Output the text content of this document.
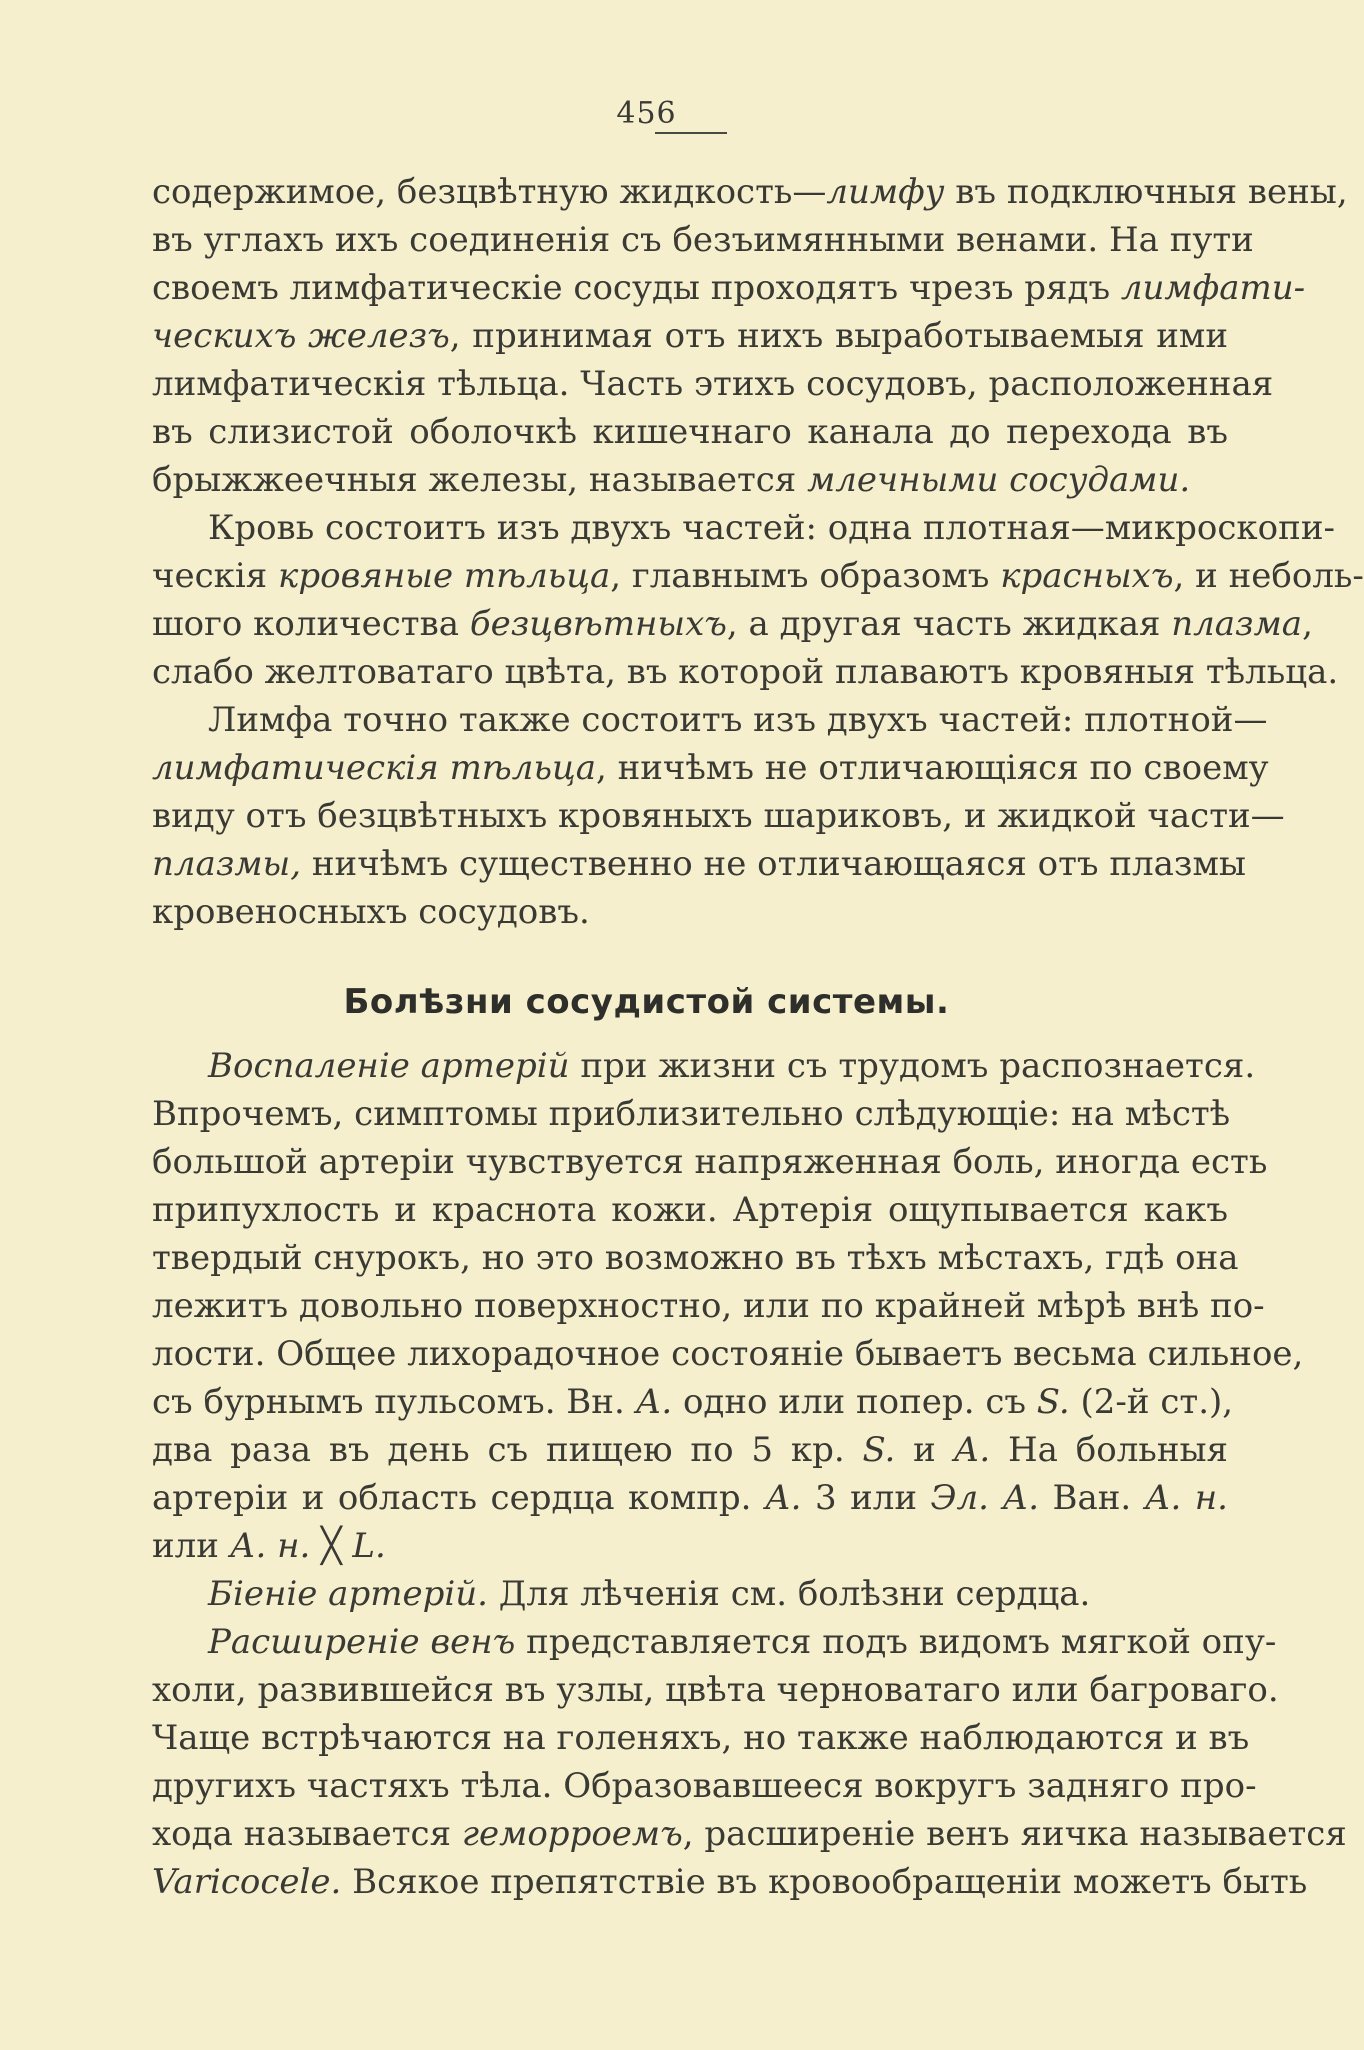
456
содержимое, безцвѣтную жидкость—лимфу въ подключныя вены,
въ углахъ ихъ соединенія съ безъимянными венами. На пути
своемъ лимфатическіе сосуды проходятъ чрезъ рядъ лимфати-
ческихъ железъ, принимая отъ нихъ выработываемыя ими
лимфатическія тѣльца. Часть этихъ сосудовъ, расположенная
въ слизистой оболочкѣ кишечнаго канала до перехода въ
брыжжеечныя железы, называется млечными сосудами.
Кровь состоитъ изъ двухъ частей: одна плотная—микроскопи-
ческія кровяные тѣльца, главнымъ образомъ красныхъ, и неболь-
шого количества безцвѣтныхъ, а другая часть жидкая плазма,
слабо желтоватаго цвѣта, въ которой плаваютъ кровяныя тѣльца.
Лимфа точно также состоитъ изъ двухъ частей: плотной—
лимфатическія тѣльца, ничѣмъ не отличающіяся по своему
виду отъ безцвѣтныхъ кровяныхъ шариковъ, и жидкой части—
плазмы, ничѣмъ существенно не отличающаяся отъ плазмы
кровеносныхъ сосудовъ.
Болѣзни сосудистой системы.
Воспаленіе артерій при жизни съ трудомъ распознается.
Впрочемъ, симптомы приблизительно слѣдующіе: на мѣстѣ
большой артеріи чувствуется напряженная боль, иногда есть
припухлость и краснота кожи. Артерія ощупывается какъ
твердый снурокъ, но это возможно въ тѣхъ мѣстахъ, гдѣ она
лежитъ довольно поверхностно, или по крайней мѣрѣ внѣ по-
лости. Общее лихорадочное состояніе бываетъ весьма сильное,
съ бурнымъ пульсомъ. Вн. А. одно или попер. съ S. (2-й ст.),
два раза въ день съ пищею по 5 кр. S. и А. На больныя
артеріи и область сердца компр. А. 3 или Эл. А. Ван. А. н.
или А. н. ╳ L.
Біеніе артерій. Для лѣченія см. болѣзни сердца.
Расширеніе венъ представляется подъ видомъ мягкой опу-
холи, развившейся въ узлы, цвѣта черноватаго или багроваго.
Чаще встрѣчаются на голеняхъ, но также наблюдаются и въ
другихъ частяхъ тѣла. Образовавшееся вокругъ задняго про-
хода называется геморроемъ, расширеніе венъ яичка называется
Varicocele. Всякое препятствіе въ кровообращеніи можетъ быть
